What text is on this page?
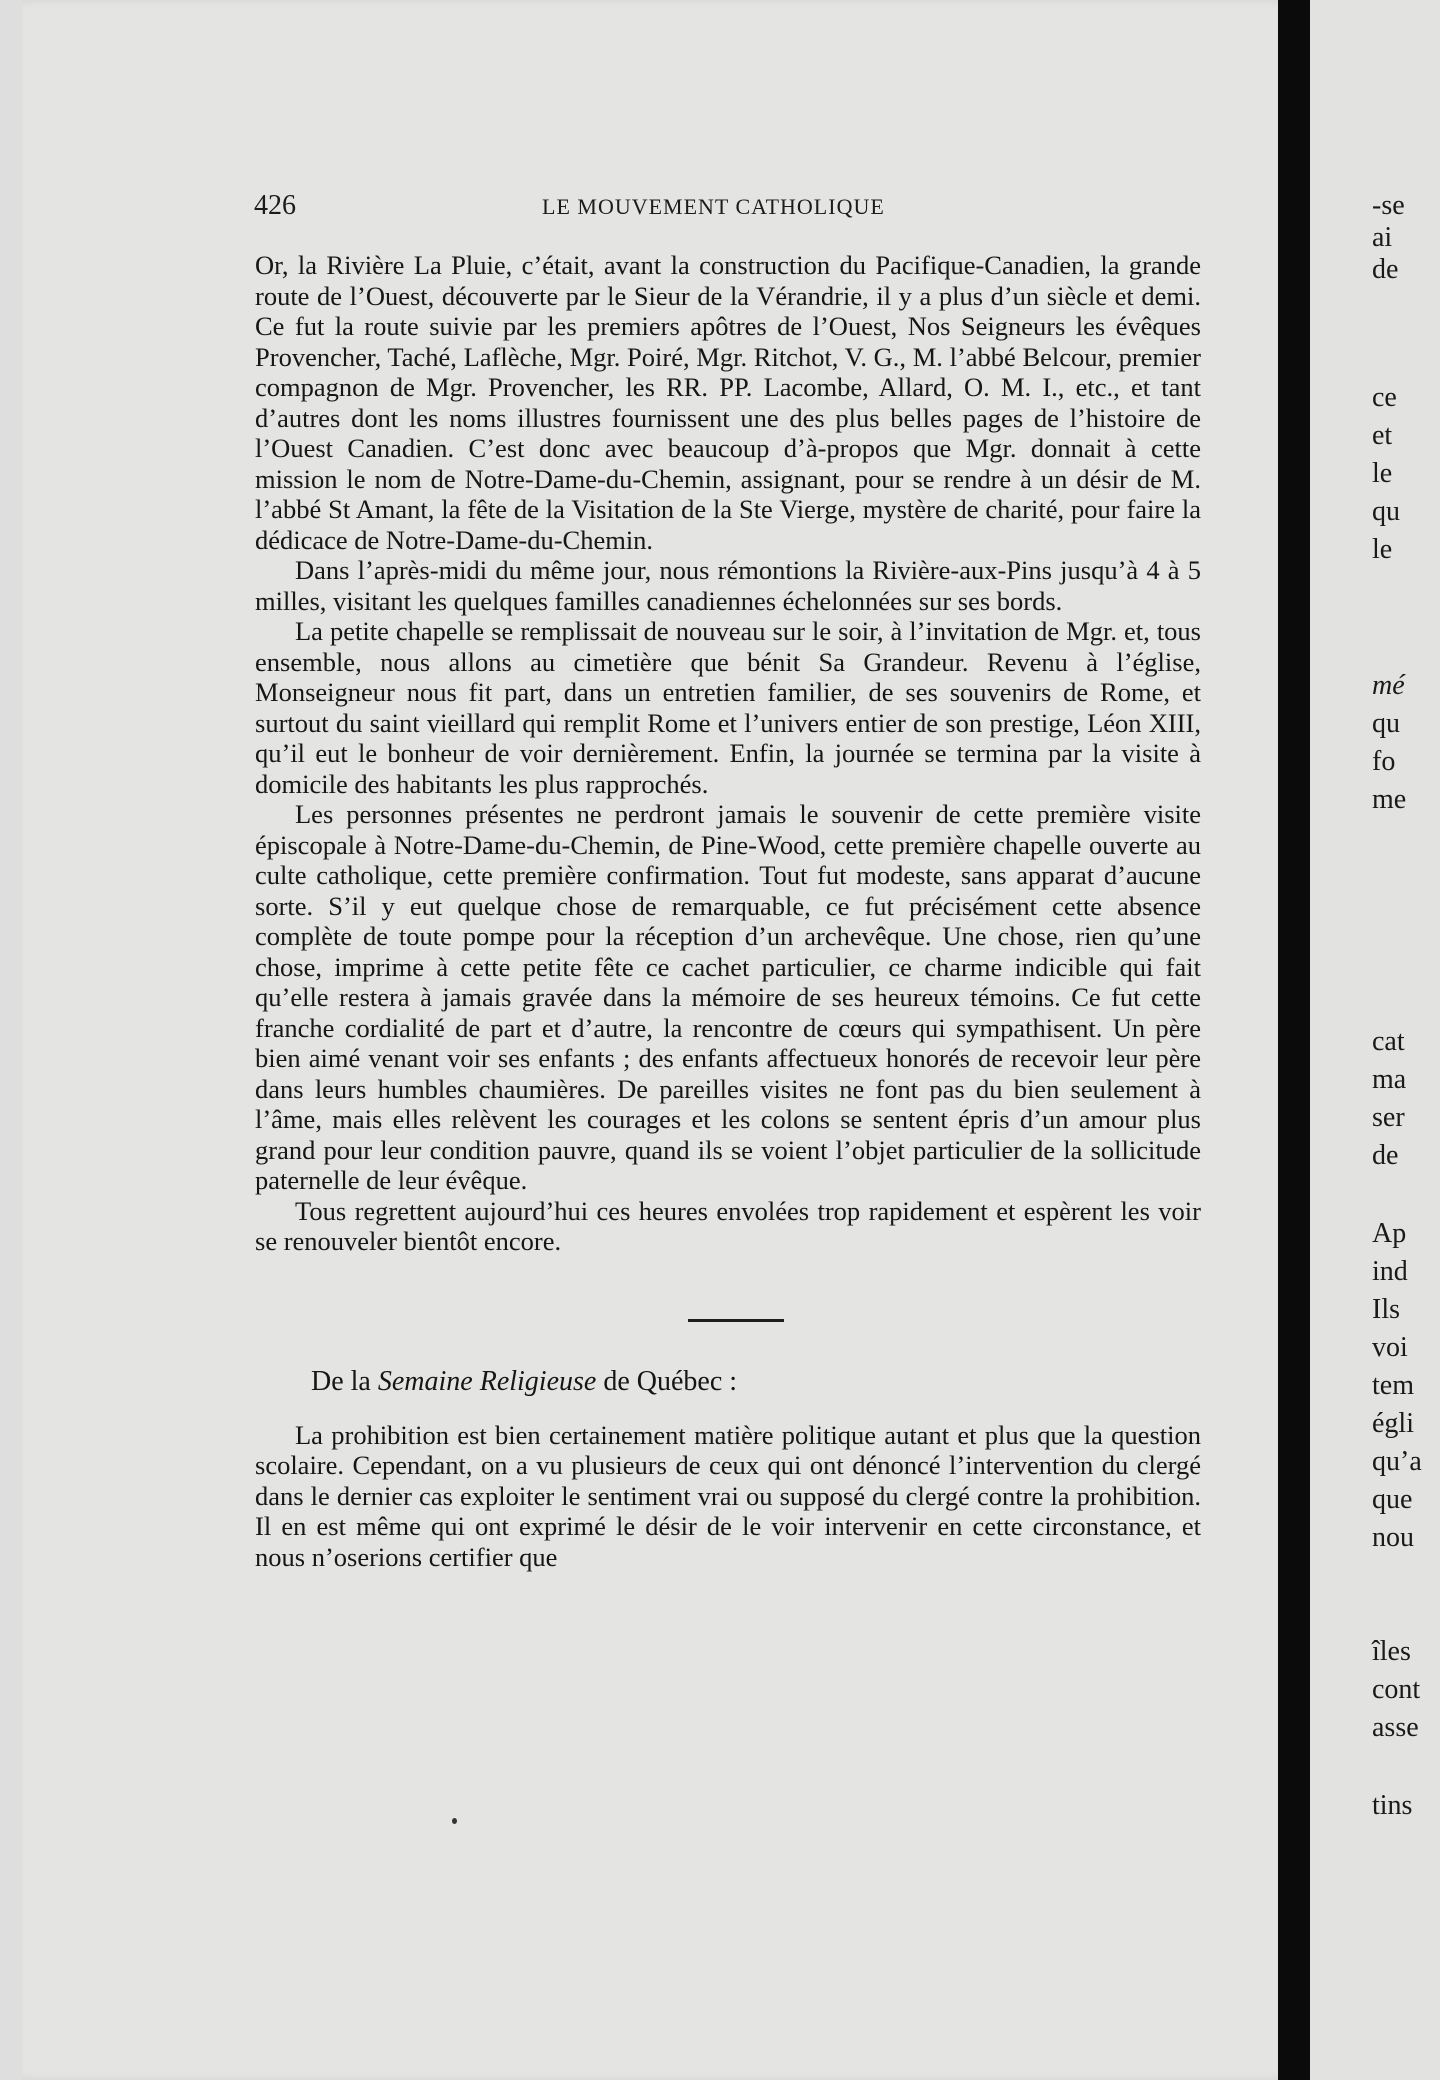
426	LE MOUVEMENT CATHOLIQUE

Or, la Rivière La Pluie, c’était, avant la construction du Pacifique-Canadien, la grande route de l’Ouest, découverte par le Sieur de la Vérandrie, il y a plus d’un siècle et demi. Ce fut la route suivie par les premiers apôtres de l’Ouest, Nos Seigneurs les évêques Provencher, Taché, Laflèche, Mgr. Poiré, Mgr. Ritchot, V. G., M. l’abbé Belcour, premier compagnon de Mgr. Provencher, les RR. PP. Lacombe, Allard, O. M. I., etc., et tant d’autres dont les noms illustres fournissent une des plus belles pages de l’histoire de l’Ouest Canadien. C’est donc avec beaucoup d’à-propos que Mgr. donnait à cette mission le nom de Notre-Dame-du-Chemin, assignant, pour se rendre à un désir de M. l’abbé St Amant, la fête de la Visitation de la Ste Vierge, mystère de charité, pour faire la dédicace de Notre-Dame-du-Chemin.

Dans l’après-midi du même jour, nous rémontions la Rivière-aux-Pins jusqu’à 4 à 5 milles, visitant les quelques familles canadiennes échelonnées sur ses bords.

La petite chapelle se remplissait de nouveau sur le soir, à l’invitation de Mgr. et, tous ensemble, nous allons au cimetière que bénit Sa Grandeur. Revenu à l’église, Monseigneur nous fit part, dans un entretien familier, de ses souvenirs de Rome, et surtout du saint vieillard qui remplit Rome et l’univers entier de son prestige, Léon XIII, qu’il eut le bonheur de voir dernièrement. Enfin, la journée se termina par la visite à domicile des habitants les plus rapprochés.

Les personnes présentes ne perdront jamais le souvenir de cette première visite épiscopale à Notre-Dame-du-Chemin, de Pine-Wood, cette première chapelle ouverte au culte catholique, cette première confirmation. Tout fut modeste, sans apparat d’aucune sorte. S’il y eut quelque chose de remarquable, ce fut précisément cette absence complète de toute pompe pour la réception d’un archevêque. Une chose, rien qu’une chose, imprime à cette petite fête ce cachet particulier, ce charme indicible qui fait qu’elle restera à jamais gravée dans la mémoire de ses heureux témoins. Ce fut cette franche cordialité de part et d’autre, la rencontre de cœurs qui sympathisent. Un père bien aimé venant voir ses enfants ; des enfants affectueux honorés de recevoir leur père dans leurs humbles chaumières. De pareilles visites ne font pas du bien seulement à l’âme, mais elles relèvent les courages et les colons se sentent épris d’un amour plus grand pour leur condition pauvre, quand ils se voient l’objet particulier de la sollicitude paternelle de leur évêque.

Tous regrettent aujourd’hui ces heures envolées trop rapidement et espèrent les voir se renouveler bientôt encore.

De la Semaine Religieuse de Québec :

La prohibition est bien certainement matière politique autant et plus que la question scolaire. Cependant, on a vu plusieurs de ceux qui ont dénoncé l’intervention du clergé dans le dernier cas exploiter le sentiment vrai ou supposé du clergé contre la prohibition. Il en est même qui ont exprimé le désir de le voir intervenir en cette circonstance, et nous n’oserions certifier que

-se
ai
de
ce
et
le
qu
le
mé
qu
fo
me
cat
ma
ser
de
Ap
ind
Ils
voi
tem
égli
qu’a
que
nou
îles
cont
asse
tins
